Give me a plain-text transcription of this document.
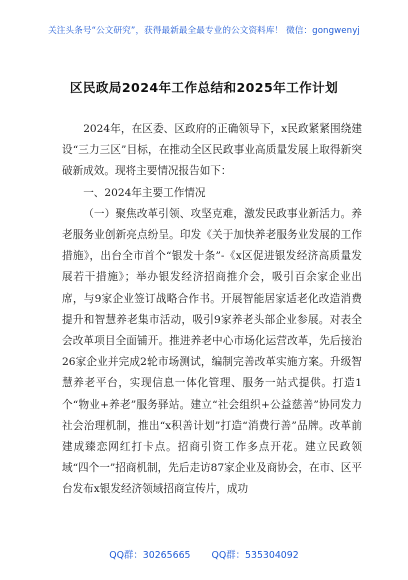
关注头条号“公文研究”，获得最新最全最专业的公文资料库！ 微信：gongwenyj
区民政局2024年工作总结和2025年工作计划

2024年，在区委、区政府的正确领导下，x民政紧紧围绕建设“三力三区”目标，在推动全区民政事业高质量发展上取得新突破新成效。现将主要情况报告如下：

一、2024年主要工作情况

（一）聚焦改革引领、攻坚克难，激发民政事业新活力。养老服务业创新亮点纷呈。印发《关于加快养老服务业发展的工作措施》，出台全市首个“银发十条”-《x区促进银发经济高质量发展若干措施》；举办银发经济招商推介会，吸引百余家企业出席，与9家企业签订战略合作书。开展智能居家适老化改造消费提升和智慧养老集市活动，吸引9家养老头部企业参展。对表全会改革项目全面铺开。推进养老中心市场化运营改革，先后接治26家企业并完成2轮市场测试，编制完善改革实施方案。升级智慧养老平台，实现信息一体化管理、服务一站式提供。打造1个“物业+养老”服务驿站。建立“社会组织+公益慈善”协同发力社会治理机制，推出“x积善计划”打造“消费行善”品牌。改革前建成臻恋网红打卡点。招商引资工作多点开花。建立民政领域“四个一”招商机制，先后走访87家企业及商协会，在市、区平台发布x银发经济领域招商宣传片，成功

QQ群：30265665 QQ群：535304092
